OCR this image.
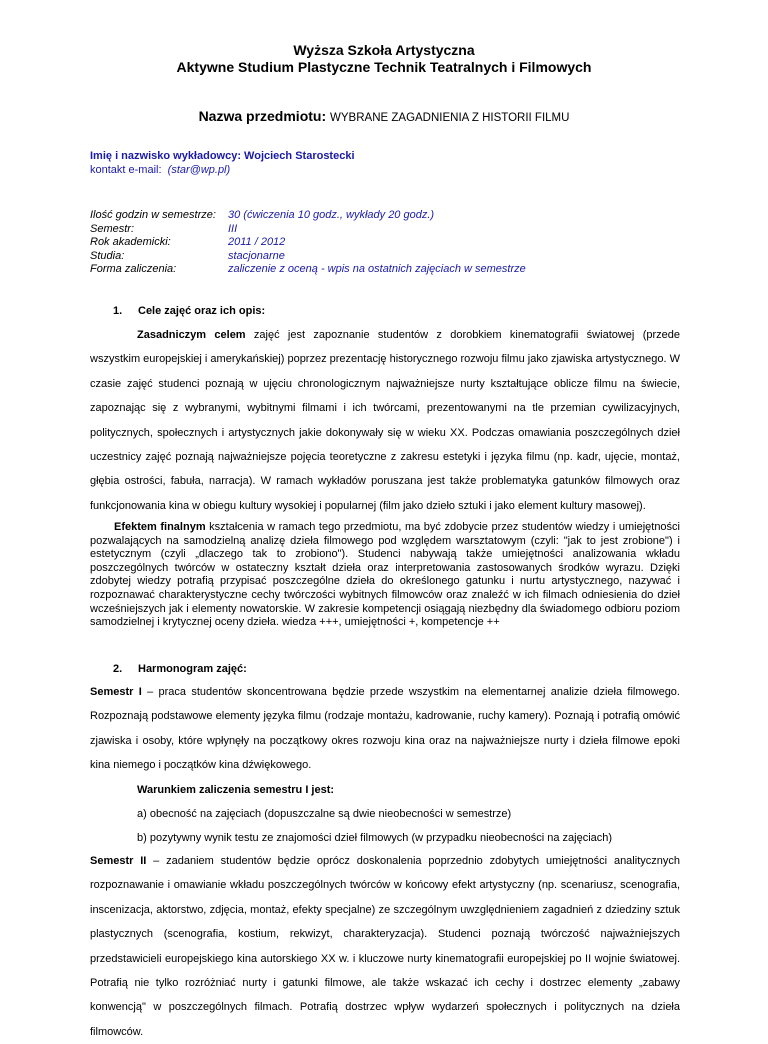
Wyższa Szkoła Artystyczna
Aktywne Studium Plastyczne Technik Teatralnych i Filmowych
Nazwa przedmiotu: WYBRANE ZAGADNIENIA Z HISTORII FILMU
Imię i nazwisko wykładowcy: Wojciech Starostecki
kontakt e-mail: (star@wp.pl)
Ilość godzin w semestrze: 30 (ćwiczenia 10 godz., wykłady 20 godz.)
Semestr:	III
Rok akademicki:	2011 / 2012
Studia:	stacjonarne
Forma zaliczenia:	zaliczenie z oceną - wpis na ostatnich zajęciach w semestrze
1. Cele zajęć oraz ich opis:
Zasadniczym celem zajęć jest zapoznanie studentów z dorobkiem kinematografii światowej (przede wszystkim europejskiej i amerykańskiej) poprzez prezentację historycznego rozwoju filmu jako zjawiska artystycznego. W czasie zajęć studenci poznają w ujęciu chronologicznym najważniejsze nurty kształtujące oblicze filmu na świecie, zapoznając się z wybranymi, wybitnymi filmami i ich twórcami, prezentowanymi na tle przemian cywilizacyjnych, politycznych, społecznych i artystycznych jakie dokonywały się w wieku XX. Podczas omawiania poszczególnych dzieł uczestnicy zajęć poznają najważniejsze pojęcia teoretyczne z zakresu estetyki i języka filmu (np. kadr, ujęcie, montaż, głębia ostrości, fabuła, narracja). W ramach wykładów poruszana jest także problematyka gatunków filmowych oraz funkcjonowania kina w obiegu kultury wysokiej i popularnej (film jako dzieło sztuki i jako element kultury masowej).
Efektem finalnym kształcenia w ramach tego przedmiotu, ma być zdobycie przez studentów wiedzy i umiejętności pozwalających na samodzielną analizę dzieła filmowego pod względem warsztatowym (czyli: "jak to jest zrobione") i estetycznym (czyli „dlaczego tak to zrobiono"). Studenci nabywają także umiejętności analizowania wkładu poszczególnych twórców w ostateczny kształt dzieła oraz interpretowania zastosowanych środków wyrazu. Dzięki zdobytej wiedzy potrafią przypisać poszczególne dzieła do określonego gatunku i nurtu artystycznego, nazywać i rozpoznawać charakterystyczne cechy twórczości wybitnych filmowców oraz znaleźć w ich filmach odniesienia do dzieł wcześniejszych jak i elementy nowatorskie. W zakresie kompetencji osiągają niezbędny dla świadomego odbioru poziom samodzielnej i krytycznej oceny dzieła. wiedza +++, umiejętności +, kompetencje ++
2. Harmonogram zajęć:
Semestr I – praca studentów skoncentrowana będzie przede wszystkim na elementarnej analizie dzieła filmowego. Rozpoznają podstawowe elementy języka filmu (rodzaje montażu, kadrowanie, ruchy kamery). Poznają i potrafią omówić zjawiska i osoby, które wpłynęły na początkowy okres rozwoju kina oraz na najważniejsze nurty i dzieła filmowe epoki kina niemego i początków kina dźwiękowego.
Warunkiem zaliczenia semestru I jest:
a) obecność na zajęciach (dopuszczalne są dwie nieobecności w semestrze)
b) pozytywny wynik testu ze znajomości dzieł filmowych (w przypadku nieobecności na zajęciach)
Semestr II – zadaniem studentów będzie oprócz doskonalenia poprzednio zdobytych umiejętności analitycznych rozpoznawanie i omawianie wkładu poszczególnych twórców w końcowy efekt artystyczny (np. scenariusz, scenografia, inscenizacja, aktorstwo, zdjęcia, montaż, efekty specjalne) ze szczególnym uwzględnieniem zagadnień z dziedziny sztuk plastycznych (scenografia, kostium, rekwizyt, charakteryzacja). Studenci poznają twórczość najważniejszych przedstawicieli europejskiego kina autorskiego XX w. i kluczowe nurty kinematografii europejskiej po II wojnie światowej. Potrafią nie tylko rozróżniać nurty i gatunki filmowe, ale także wskazać ich cechy i dostrzec elementy „zabawy konwencją" w poszczególnych filmach. Potrafią dostrzec wpływ wydarzeń społecznych i politycznych na dzieła filmowców.
